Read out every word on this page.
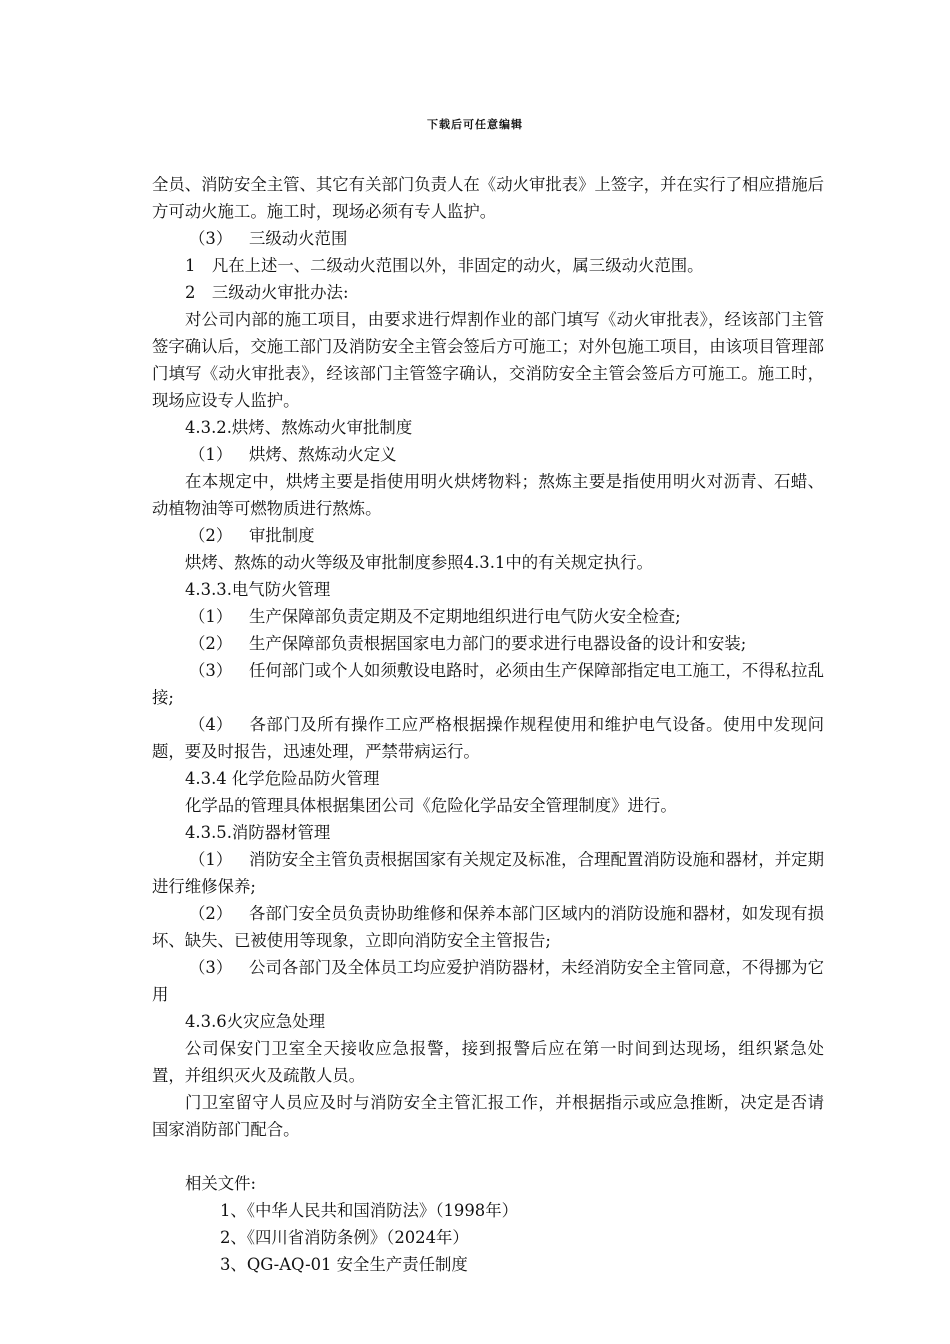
下载后可任意编辑

全员、消防安全主管、其它有关部门负责人在《动火审批表》上签字，并在实行了相应措施后方可动火施工。施工时，现场必须有专人监护。

（3） 三级动火范围

1　凡在上述一、二级动火范围以外，非固定的动火，属三级动火范围。

2　三级动火审批办法:

对公司内部的施工项目，由要求进行焊割作业的部门填写《动火审批表》，经该部门主管签字确认后，交施工部门及消防安全主管会签后方可施工；对外包施工项目，由该项目管理部门填写《动火审批表》，经该部门主管签字确认，交消防安全主管会签后方可施工。施工时，现场应设专人监护。

4.3.2.烘烤、熬炼动火审批制度

（1） 烘烤、熬炼动火定义

在本规定中，烘烤主要是指使用明火烘烤物料；熬炼主要是指使用明火对沥青、石蜡、动植物油等可燃物质进行熬炼。

（2） 审批制度

烘烤、熬炼的动火等级及审批制度参照4.3.1中的有关规定执行。

4.3.3.电气防火管理

（1） 生产保障部负责定期及不定期地组织进行电气防火安全检查;

（2） 生产保障部负责根据国家电力部门的要求进行电器设备的设计和安装;

（3） 任何部门或个人如须敷设电路时，必须由生产保障部指定电工施工，不得私拉乱接;

（4） 各部门及所有操作工应严格根据操作规程使用和维护电气设备。使用中发现问题，要及时报告，迅速处理，严禁带病运行。

4.3.4 化学危险品防火管理

化学品的管理具体根据集团公司《危险化学品安全管理制度》进行。

4.3.5.消防器材管理

（1） 消防安全主管负责根据国家有关规定及标准，合理配置消防设施和器材，并定期进行维修保养;

（2） 各部门安全员负责协助维修和保养本部门区域内的消防设施和器材，如发现有损坏、缺失、已被使用等现象，立即向消防安全主管报告;

（3） 公司各部门及全体员工均应爱护消防器材，未经消防安全主管同意，不得挪为它用

4.3.6火灾应急处理

公司保安门卫室全天接收应急报警，接到报警后应在第一时间到达现场，组织紧急处置，并组织灭火及疏散人员。

门卫室留守人员应及时与消防安全主管汇报工作，并根据指示或应急推断，决定是否请国家消防部门配合。

相关文件:

1、《中华人民共和国消防法》（1998年）

2、《四川省消防条例》（2024年）

3、QG-AQ-01 安全生产责任制度
